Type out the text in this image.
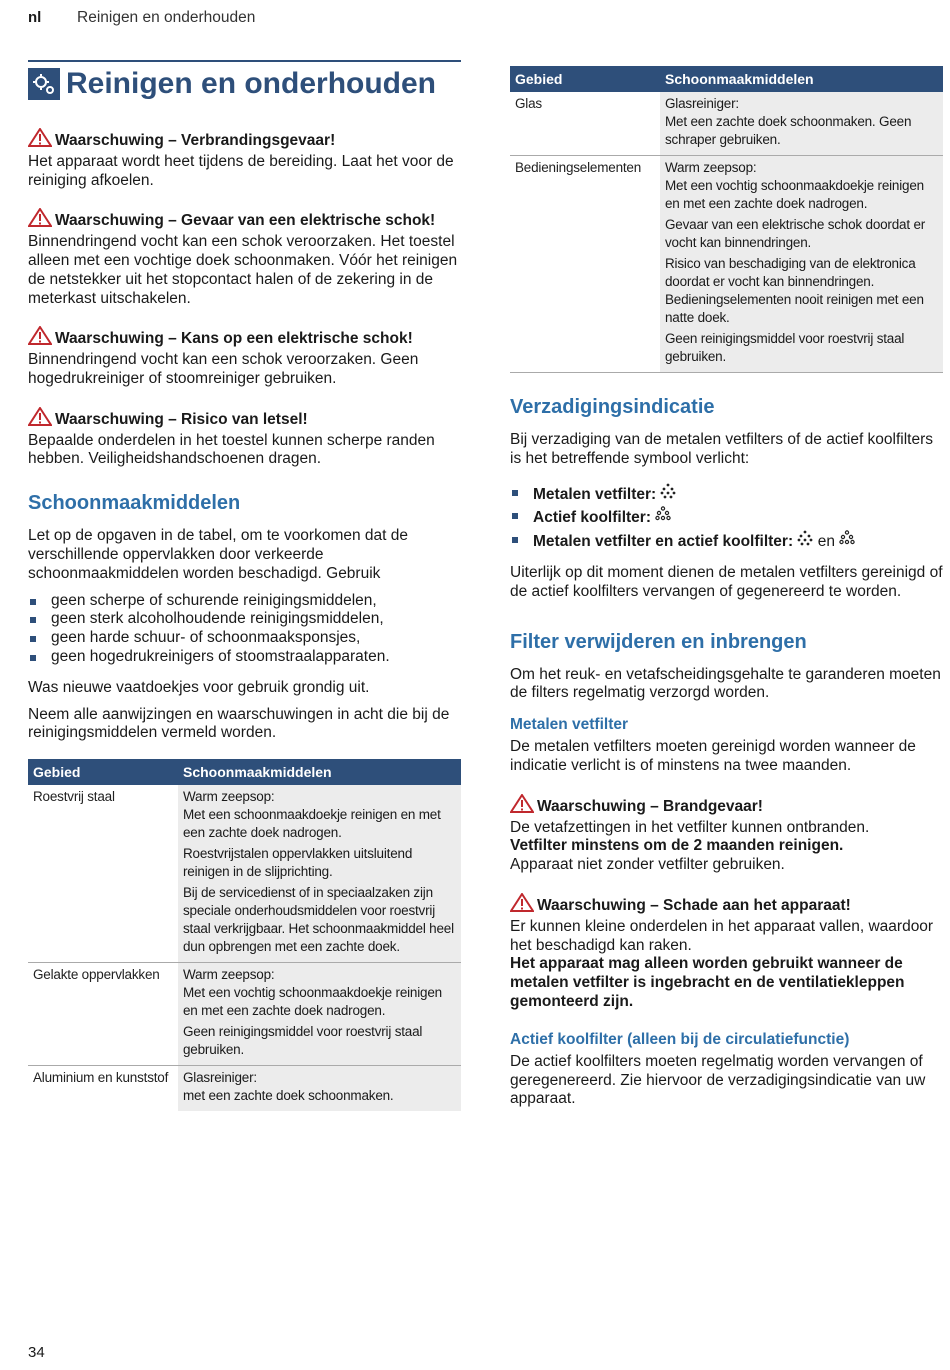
nl Reinigen en onderhouden
Reinigen en onderhouden
Waarschuwing – Verbrandingsgevaar!
Het apparaat wordt heet tijdens de bereiding. Laat het voor de reiniging afkoelen.
Waarschuwing – Gevaar van een elektrische schok!
Binnendringend vocht kan een schok veroorzaken. Het toestel alleen met een vochtige doek schoonmaken. Vóór het reinigen de netstekker uit het stopcontact halen of de zekering in de meterkast uitschakelen.
Waarschuwing – Kans op een elektrische schok!
Binnendringend vocht kan een schok veroorzaken. Geen hogedrukreiniger of stoomreiniger gebruiken.
Waarschuwing – Risico van letsel!
Bepaalde onderdelen in het toestel kunnen scherpe randen hebben. Veiligheidshandschoenen dragen.
Schoonmaakmiddelen

Let op de opgaven in de tabel, om te voorkomen dat de verschillende oppervlakken door verkeerde schoonmaakmiddelen worden beschadigd. Gebruik

geen scherpe of schurende reinigingsmiddelen,
geen sterk alcoholhoudende reinigingsmiddelen,
geen harde schuur- of schoonmaaksponsjes,
geen hogedrukreinigers of stoomstraalapparaten.

Was nieuwe vaatdoekjes voor gebruik grondig uit.

Neem alle aanwijzingen en waarschuwingen in acht die bij de reinigingsmiddelen vermeld worden.

Gebied	Schoonmaakmiddelen
Roestvrij staal	Warm zeepsop:
Met een schoonmaakdoekje reinigen en met een zachte doek nadrogen.
Roestvrijstalen oppervlakken uitsluitend reinigen in de slijprichting.
Bij de servicedienst of in speciaalzaken zijn speciale onderhoudsmiddelen voor roestvrij staal verkrijgbaar. Het schoonmaakmiddel heel dun opbrengen met een zachte doek.

Gelakte oppervlakken	Warm zeepsop:
Met een vochtig schoonmaakdoekje reinigen en met een zachte doek nadrogen.
Geen reinigingsmiddel voor roestvrij staal gebruiken.

Aluminium en kunststof	Glasreiniger:
met een zachte doek schoonmaken.
Gebied	Schoonmaakmiddelen
Glas	Glasreiniger:
Met een zachte doek schoonmaken. Geen schraper gebruiken.

Bedieningselementen	Warm zeepsop:
Met een vochtig schoonmaakdoekje reinigen en met een zachte doek nadrogen.
Gevaar van een elektrische schok doordat er vocht kan binnendringen.
Risico van beschadiging van de elektronica doordat er vocht kan binnendringen. Bedieningselementen nooit reinigen met een natte doek.
Geen reinigingsmiddel voor roestvrij staal gebruiken.
Verzadigingsindicatie

Bij verzadiging van de metalen vetfilters of de actief koolfilters is het betreffende symbool verlicht:

Metalen vetfilter:
Actief koolfilter:
Metalen vetfilter en actief koolfilter: en

Uiterlijk op dit moment dienen de metalen vetfilters gereinigd of de actief koolfilters vervangen of gegenereerd te worden.

Filter verwijderen en inbrengen

Om het reuk- en vetafscheidingsgehalte te garanderen moeten de filters regelmatig verzorgd worden.

Metalen vetfilter

De metalen vetfilters moeten gereinigd worden wanneer de indicatie verlicht is of minstens na twee maanden.

Waarschuwing – Brandgevaar!
De vetafzettingen in het vetfilter kunnen ontbranden.
Vetfilter minstens om de 2 maanden reinigen.
Apparaat niet zonder vetfilter gebruiken.
Waarschuwing – Schade aan het apparaat!
Er kunnen kleine onderdelen in het apparaat vallen, waardoor het beschadigd kan raken.
Het apparaat mag alleen worden gebruikt wanneer de metalen vetfilter is ingebracht en de ventilatiekleppen gemonteerd zijn.
Actief koolfilter (alleen bij de circulatiefunctie)

De actief koolfilters moeten regelmatig worden vervangen of geregenereerd. Zie hiervoor de verzadigingsindicatie van uw apparaat.

34
